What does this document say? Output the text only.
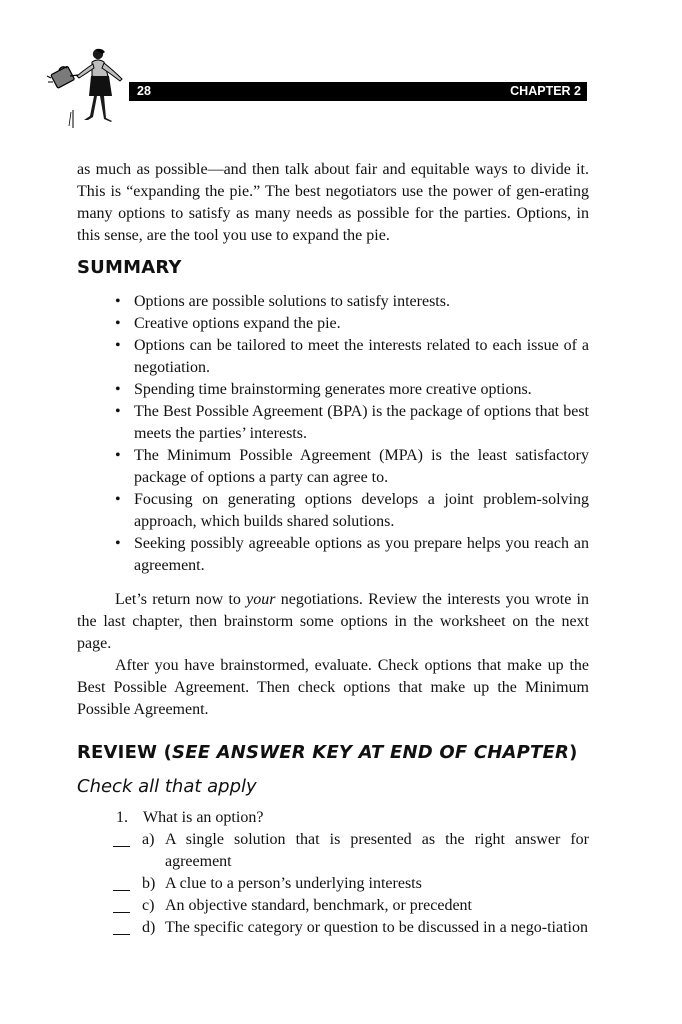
28	CHAPTER 2

as much as possible—and then talk about fair and equitable ways to divide it. This is “expanding the pie.” The best negotiators use the power of gen-erating many options to satisfy as many needs as possible for the parties. Options, in this sense, are the tool you use to expand the pie.

SUMMARY
• Options are possible solutions to satisfy interests.
• Creative options expand the pie.
• Options can be tailored to meet the interests related to each issue of a negotiation.
• Spending time brainstorming generates more creative options.
• The Best Possible Agreement (BPA) is the package of options that best meets the parties’ interests.
• The Minimum Possible Agreement (MPA) is the least satisfactory package of options a party can agree to.
• Focusing on generating options develops a joint problem-solving approach, which builds shared solutions.
• Seeking possibly agreeable options as you prepare helps you reach an agreement.

Let’s return now to your negotiations. Review the interests you wrote in the last chapter, then brainstorm some options in the worksheet on the next page.

After you have brainstormed, evaluate. Check options that make up the Best Possible Agreement. Then check options that make up the Minimum Possible Agreement.

REVIEW (SEE ANSWER KEY AT END OF CHAPTER)

Check all that apply

1. What is an option?

a) A single solution that is presented as the right answer for agreement
b) A clue to a person’s underlying interests
c) An objective standard, benchmark, or precedent
d) The specific category or question to be discussed in a nego-tiation
